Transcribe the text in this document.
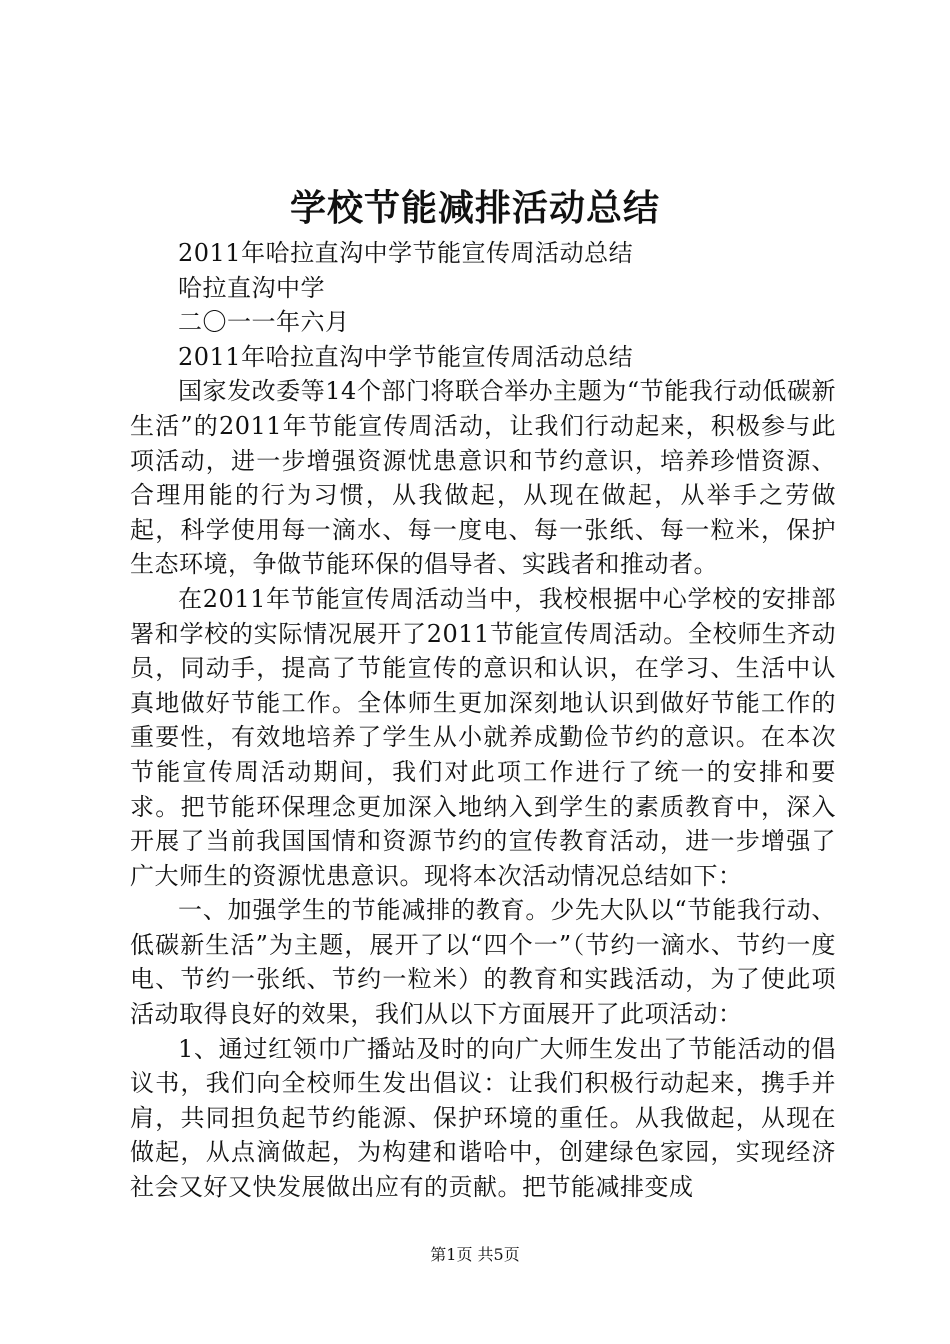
学校节能减排活动总结

2011年哈拉直沟中学节能宣传周活动总结

哈拉直沟中学

二〇一一年六月

2011年哈拉直沟中学节能宣传周活动总结

国家发改委等14个部门将联合举办主题为“节能我行动低碳新生活”的2011年节能宣传周活动，让我们行动起来，积极参与此项活动，进一步增强资源忧患意识和节约意识，培养珍惜资源、合理用能的行为习惯，从我做起，从现在做起，从举手之劳做起，科学使用每一滴水、每一度电、每一张纸、每一粒米，保护生态环境，争做节能环保的倡导者、实践者和推动者。

在2011年节能宣传周活动当中，我校根据中心学校的安排部署和学校的实际情况展开了2011节能宣传周活动。全校师生齐动员，同动手，提高了节能宣传的意识和认识，在学习、生活中认真地做好节能工作。全体师生更加深刻地认识到做好节能工作的重要性，有效地培养了学生从小就养成勤俭节约的意识。在本次节能宣传周活动期间，我们对此项工作进行了统一的安排和要求。把节能环保理念更加深入地纳入到学生的素质教育中，深入开展了当前我国国情和资源节约的宣传教育活动，进一步增强了广大师生的资源忧患意识。现将本次活动情况总结如下：

一、加强学生的节能减排的教育。少先大队以“节能我行动、低碳新生活”为主题，展开了以“四个一”（节约一滴水、节约一度电、节约一张纸、节约一粒米）的教育和实践活动，为了使此项活动取得良好的效果，我们从以下方面展开了此项活动：

1、通过红领巾广播站及时的向广大师生发出了节能活动的倡议书，我们向全校师生发出倡议：让我们积极行动起来，携手并肩，共同担负起节约能源、保护环境的重任。从我做起，从现在做起，从点滴做起，为构建和谐哈中，创建绿色家园，实现经济社会又好又快发展做出应有的贡献。把节能减排变成

第1页 共5页
